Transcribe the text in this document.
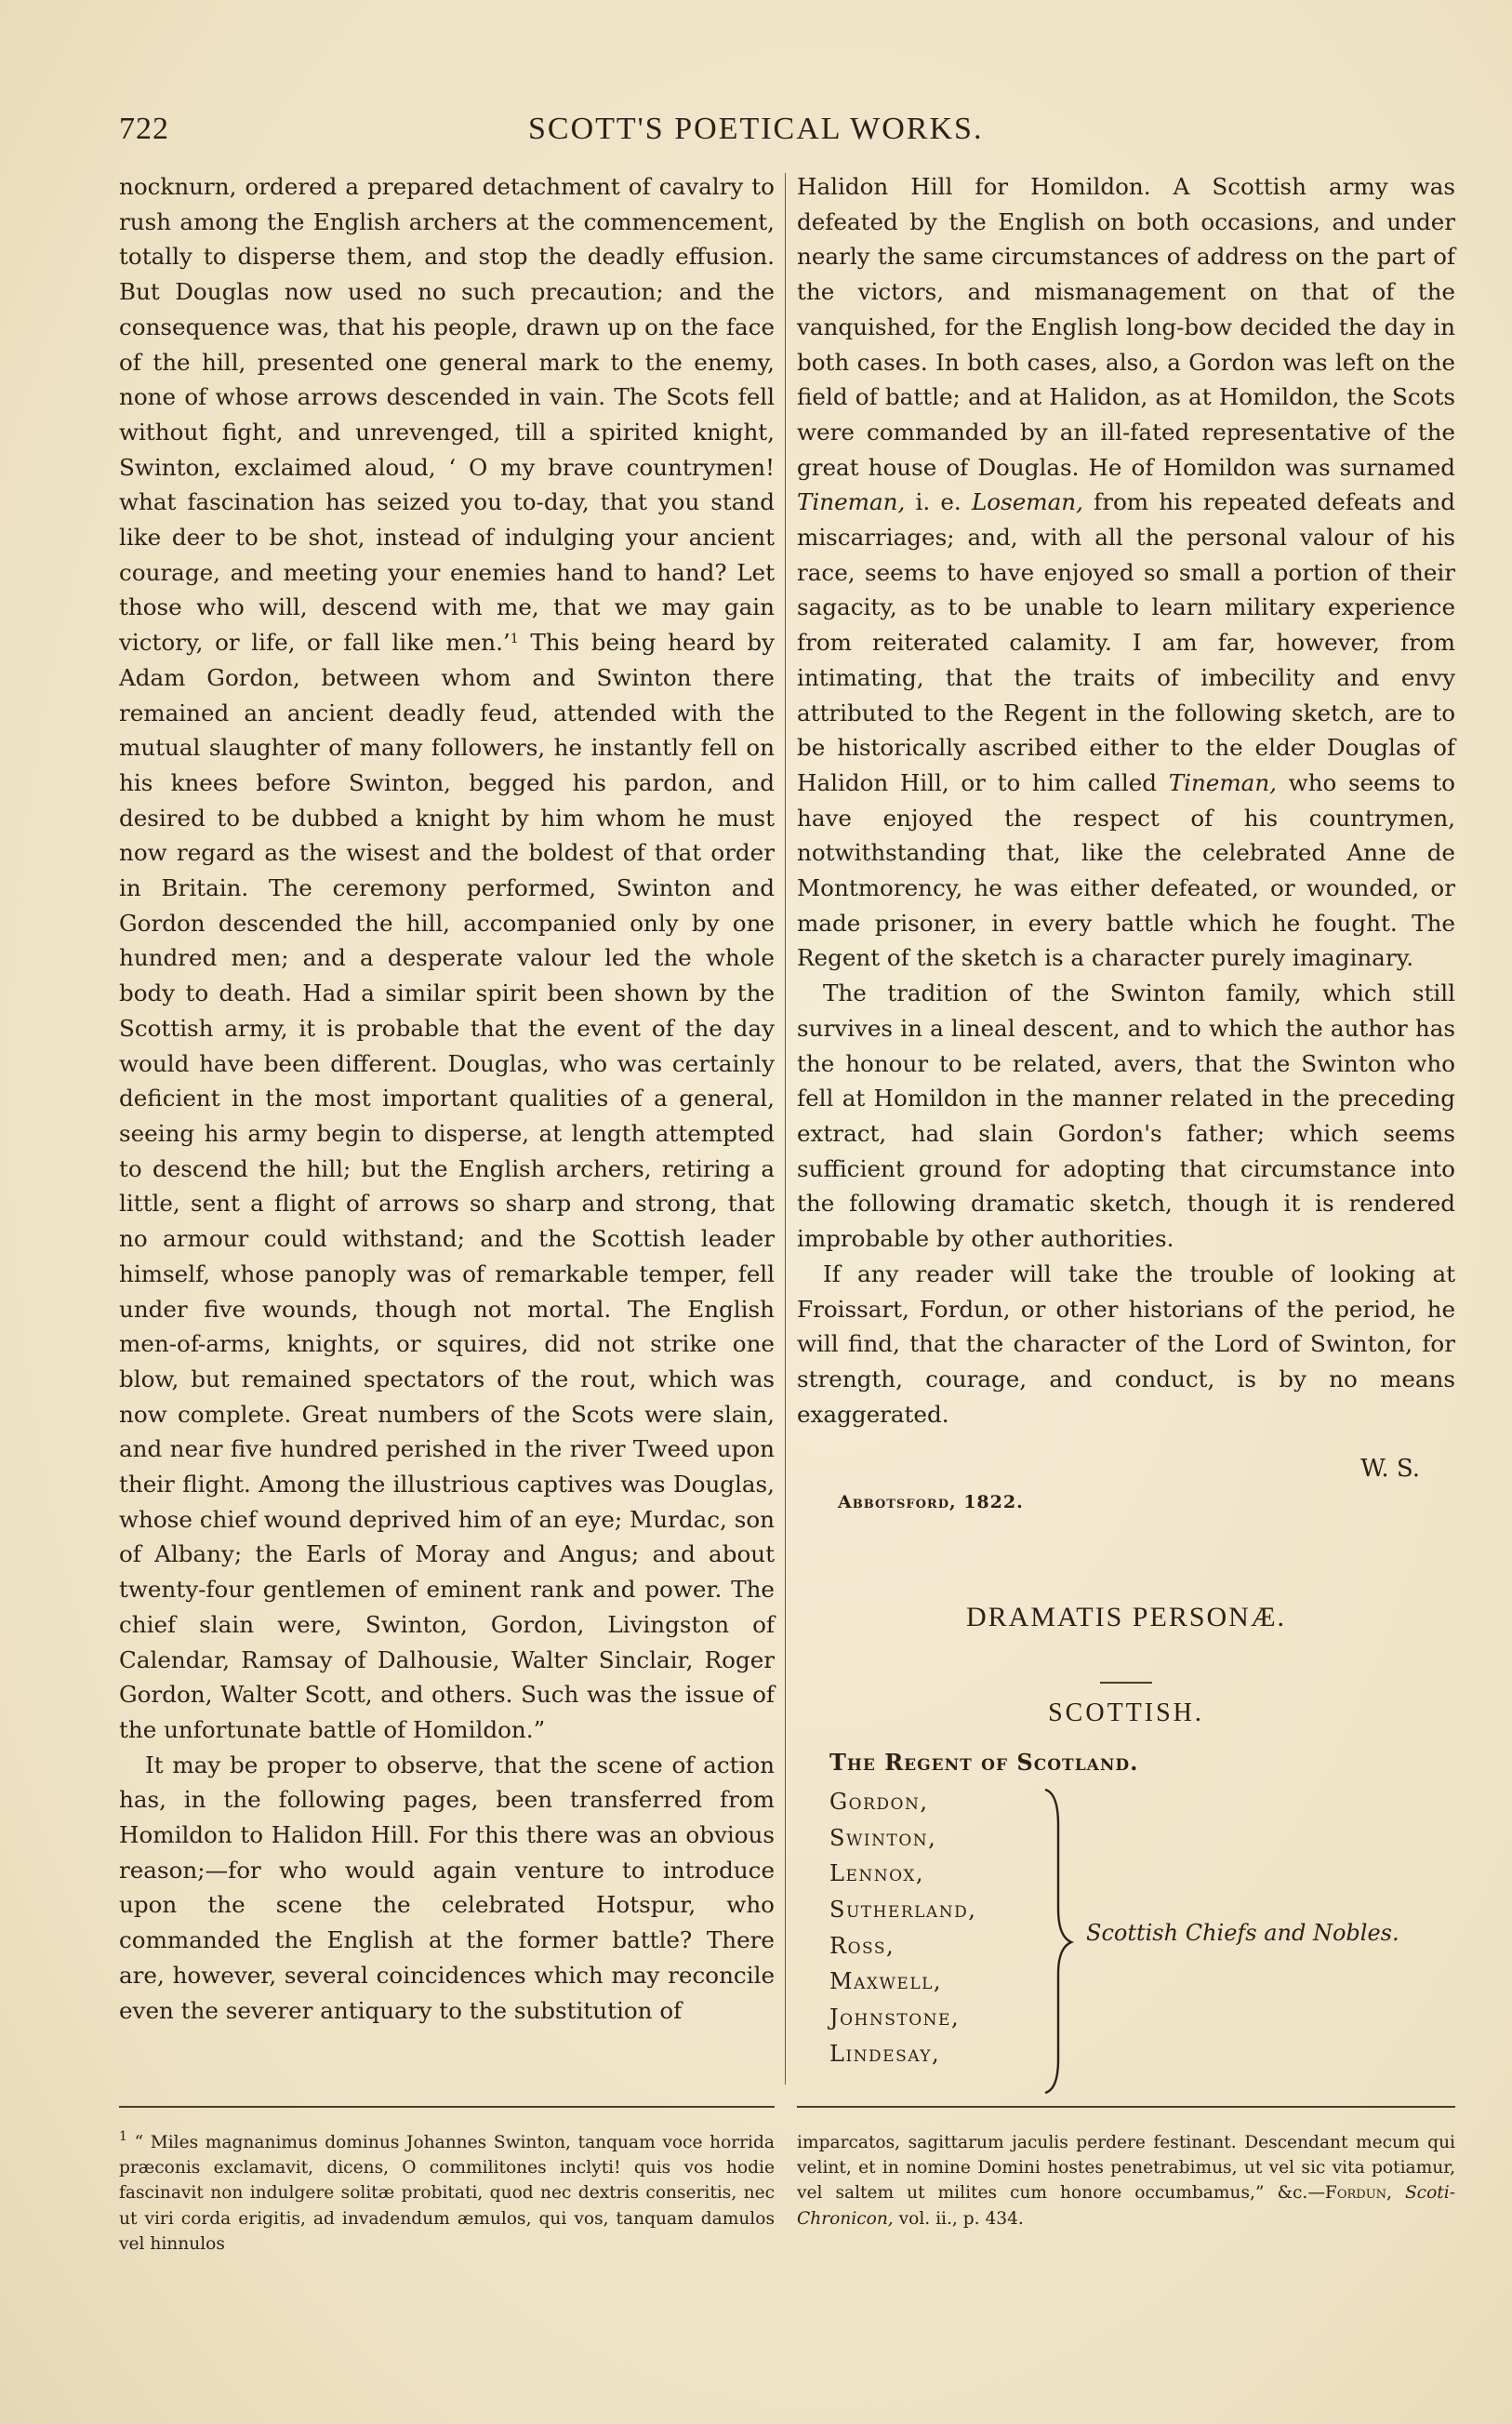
722	SCOTT'S POETICAL WORKS.

nocknurn, ordered a prepared detachment of cavalry to rush among the English archers at the commencement, totally to disperse them, and stop the deadly effusion. But Douglas now used no such precaution; and the consequence was, that his people, drawn up on the face of the hill, presented one general mark to the enemy, none of whose arrows descended in vain. The Scots fell without fight, and unrevenged, till a spirited knight, Swinton, exclaimed aloud, ‘ O my brave countrymen! what fascination has seized you to-day, that you stand like deer to be shot, instead of indulging your ancient courage, and meeting your enemies hand to hand? Let those who will, descend with me, that we may gain victory, or life, or fall like men.’$^1$ This being heard by Adam Gordon, between whom and Swinton there remained an ancient deadly feud, attended with the mutual slaughter of many followers, he instantly fell on his knees before Swinton, begged his pardon, and desired to be dubbed a knight by him whom he must now regard as the wisest and the boldest of that order in Britain. The ceremony performed, Swinton and Gordon descended the hill, accompanied only by one hundred men; and a desperate valour led the whole body to death. Had a similar spirit been shown by the Scottish army, it is probable that the event of the day would have been different. Douglas, who was certainly deficient in the most important qualities of a general, seeing his army begin to disperse, at length attempted to descend the hill; but the English archers, retiring a little, sent a flight of arrows so sharp and strong, that no armour could withstand; and the Scottish leader himself, whose panoply was of remarkable temper, fell under five wounds, though not mortal. The English men-of-arms, knights, or squires, did not strike one blow, but remained spectators of the rout, which was now complete. Great numbers of the Scots were slain, and near five hundred perished in the river Tweed upon their flight. Among the illustrious captives was Douglas, whose chief wound deprived him of an eye; Murdac, son of Albany; the Earls of Moray and Angus; and about twenty-four gentlemen of eminent rank and power. The chief slain were, Swinton, Gordon, Livingston of Calendar, Ramsay of Dalhousie, Walter Sinclair, Roger Gordon, Walter Scott, and others. Such was the issue of the unfortunate battle of Homildon.”

It may be proper to observe, that the scene of action has, in the following pages, been transferred from Homildon to Halidon Hill. For this there was an obvious reason;—for who would again venture to introduce upon the scene the celebrated Hotspur, who commanded the English at the former battle? There are, however, several coincidences which may reconcile even the severer antiquary to the substitution of

Halidon Hill for Homildon. A Scottish army was defeated by the English on both occasions, and under nearly the same circumstances of address on the part of the victors, and mismanagement on that of the vanquished, for the English long-bow decided the day in both cases. In both cases, also, a Gordon was left on the field of battle; and at Halidon, as at Homildon, the Scots were commanded by an ill-fated representative of the great house of Douglas. He of Homildon was surnamed Tineman, i. e. Loseman, from his repeated defeats and miscarriages; and, with all the personal valour of his race, seems to have enjoyed so small a portion of their sagacity, as to be unable to learn military experience from reiterated calamity. I am far, however, from intimating, that the traits of imbecility and envy attributed to the Regent in the following sketch, are to be historically ascribed either to the elder Douglas of Halidon Hill, or to him called Tineman, who seems to have enjoyed the respect of his countrymen, notwithstanding that, like the celebrated Anne de Montmorency, he was either defeated, or wounded, or made prisoner, in every battle which he fought. The Regent of the sketch is a character purely imaginary.

The tradition of the Swinton family, which still survives in a lineal descent, and to which the author has the honour to be related, avers, that the Swinton who fell at Homildon in the manner related in the preceding extract, had slain Gordon's father; which seems sufficient ground for adopting that circumstance into the following dramatic sketch, though it is rendered improbable by other authorities.

If any reader will take the trouble of looking at Froissart, Fordun, or other historians of the period, he will find, that the character of the Lord of Swinton, for strength, courage, and conduct, is by no means exaggerated.

W. S.
Abbotsford, 1822.
DRAMATIS PERSONÆ.
SCOTTISH.
The Regent of Scotland.
Gordon,
Swinton,
Lennox,
Sutherland,
Ross,
Maxwell,
Johnstone,
Lindesay,
Scottish Chiefs and Nobles.

$^1$ “ Miles magnanimus dominus Johannes Swinton, tanquam voce horrida præconis exclamavit, dicens, O commilitones inclyti! quis vos hodie fascinavit non indulgere solitæ probitati, quod nec dextris conseritis, nec ut viri corda erigitis, ad invadendum æmulos, qui vos, tanquam damulos vel hinnulos

imparcatos, sagittarum jaculis perdere festinant. Descendant mecum qui velint, et in nomine Domini hostes penetrabimus, ut vel sic vita potiamur, vel saltem ut milites cum honore occumbamus,” &c.—Fordun, Scoti-Chronicon, vol. ii., p. 434.
